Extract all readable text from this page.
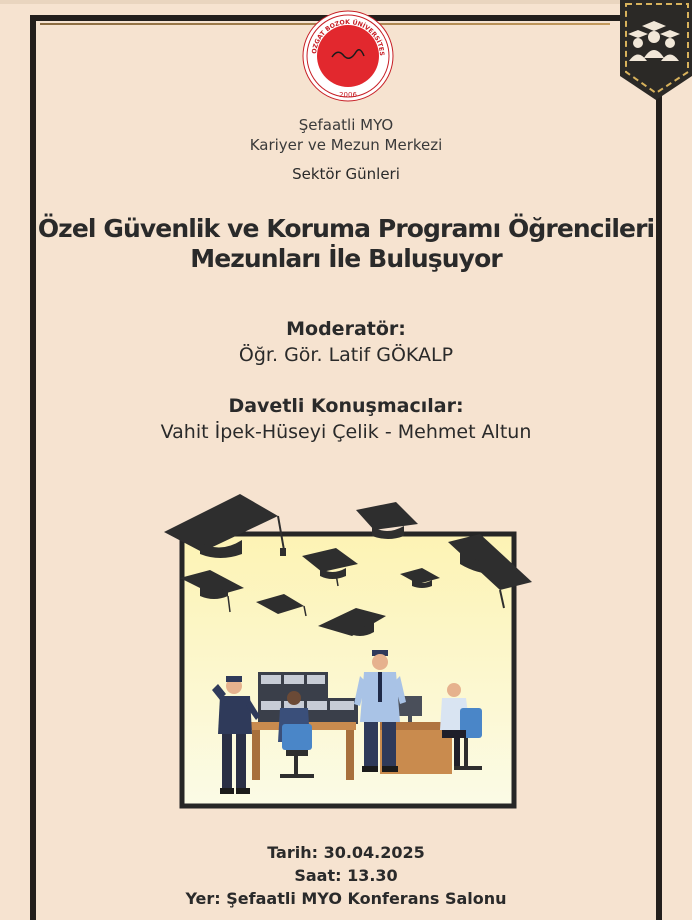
OZGAT BOZOK ÜNİVERSİTES
2006
Şefaatli MYO
Kariyer ve Mezun Merkezi
Sektör Günleri
Özel Güvenlik ve Koruma Programı Öğrencileri
Mezunları İle Buluşuyor
Moderatör:
Öğr. Gör. Latif GÖKALP
Davetli Konuşmacılar:
Vahit İpek-Hüseyi Çelik - Mehmet Altun
Tarih: 30.04.2025
Saat: 13.30
Yer: Şefaatli MYO Konferans Salonu
